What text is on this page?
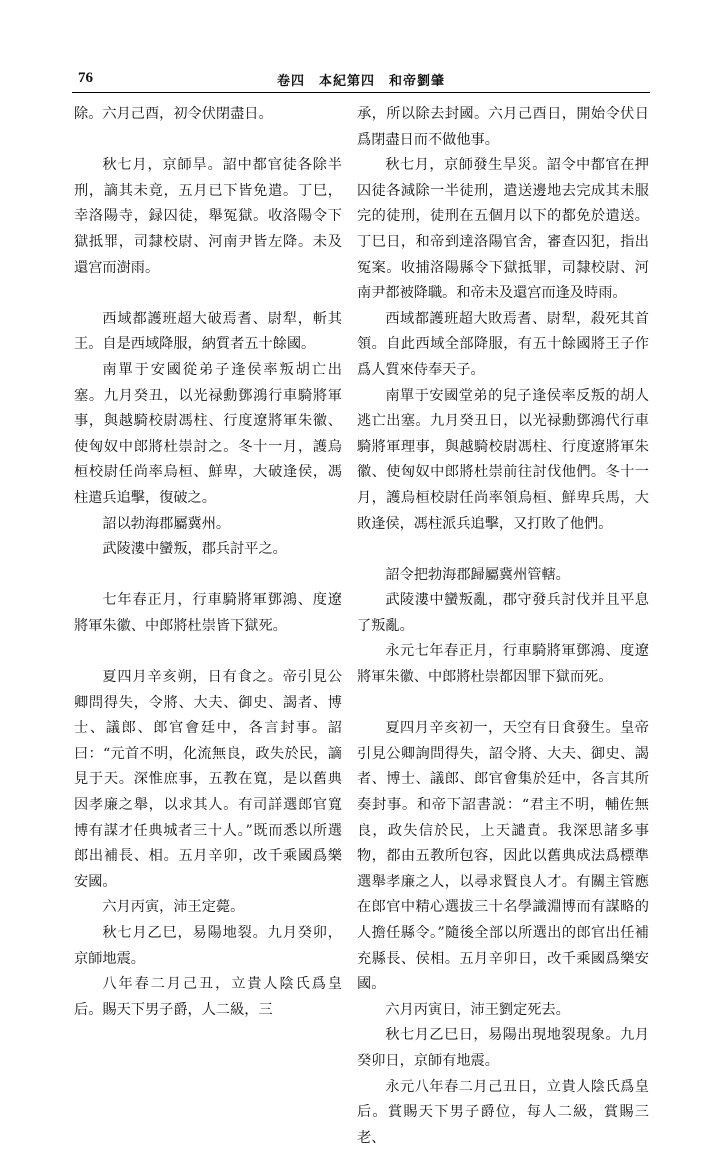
76	卷四　本紀第四　和帝劉肇

除。六月己酉，初令伏閉盡日。

秋七月，京師旱。詔中都官徒各除半刑，謫其未竟，五月已下皆免遣。丁巳，幸洛陽寺，録囚徒，舉冤獄。收洛陽令下獄抵罪，司隸校尉、河南尹皆左降。未及還宫而澍雨。

西域都護班超大破焉耆、尉犁，斬其王。自是西域降服，納質者五十餘國。

南單于安國從弟子逢侯率叛胡亡出塞。九月癸丑，以光禄勳鄧鴻行車騎將軍事，與越騎校尉馮柱、行度遼將軍朱徽、使匈奴中郎將杜崇討之。冬十一月，護烏桓校尉任尚率烏桓、鮮卑，大破逢侯，馮柱遣兵追擊，復破之。

詔以勃海郡屬冀州。

武陵漊中蠻叛，郡兵討平之。

七年春正月，行車騎將軍鄧鴻、度遼將軍朱徽、中郎將杜崇皆下獄死。

夏四月辛亥朔，日有食之。帝引見公卿問得失，令將、大夫、御史、謁者、博士、議郎、郎官會廷中，各言封事。詔曰：“元首不明，化流無良，政失於民，謫見于天。深惟庶事，五教在寬，是以舊典因孝廉之舉，以求其人。有司詳選郎官寬博有謀才任典城者三十人。”既而悉以所選郎出補長、相。五月辛卯，改千乘國爲樂安國。

六月丙寅，沛王定薨。

秋七月乙巳，易陽地裂。九月癸卯，京師地震。

八年春二月己丑，立貴人陰氏爲皇后。賜天下男子爵，人二級，三

承，所以除去封國。六月己酉日，開始令伏日爲閉盡日而不做他事。

秋七月，京師發生旱災。詔令中都官在押囚徒各減除一半徒刑，遣送邊地去完成其未服完的徒刑，徒刑在五個月以下的都免於遣送。丁巳日，和帝到達洛陽官舍，審查囚犯，指出冤案。收捕洛陽縣令下獄抵罪，司隸校尉、河南尹都被降職。和帝未及還宫而逢及時雨。

西域都護班超大敗焉耆、尉犁，殺死其首領。自此西域全部降服，有五十餘國將王子作爲人質來侍奉天子。

南單于安國堂弟的兒子逢侯率反叛的胡人逃亡出塞。九月癸丑日，以光禄勳鄧鴻代行車騎將軍理事，與越騎校尉馮柱、行度遼將軍朱徽、使匈奴中郎將杜崇前往討伐他們。冬十一月，護烏桓校尉任尚率領烏桓、鮮卑兵馬，大敗逢侯，馮柱派兵追擊，又打敗了他們。

詔令把勃海郡歸屬冀州管轄。

武陵漊中蠻叛亂，郡守發兵討伐并且平息了叛亂。

永元七年春正月，行車騎將軍鄧鴻、度遼將軍朱徽、中郎將杜崇都因罪下獄而死。

夏四月辛亥初一，天空有日食發生。皇帝引見公卿詢問得失，詔令將、大夫、御史、謁者、博士、議郎、郎官會集於廷中，各言其所奏封事。和帝下詔書説：“君主不明，輔佐無良，政失信於民，上天譴責。我深思諸多事物，都由五教所包容，因此以舊典成法爲標準選舉孝廉之人，以尋求賢良人才。有關主管應在郎官中精心選拔三十名學識淵博而有謀略的人擔任縣令。”隨後全部以所選出的郎官出任補充縣長、侯相。五月辛卯日，改千乘國爲樂安國。

六月丙寅日，沛王劉定死去。

秋七月乙巳日，易陽出現地裂現象。九月癸卯日，京師有地震。

永元八年春二月己丑日，立貴人陰氏爲皇后。賞賜天下男子爵位，每人二級，賞賜三老、
